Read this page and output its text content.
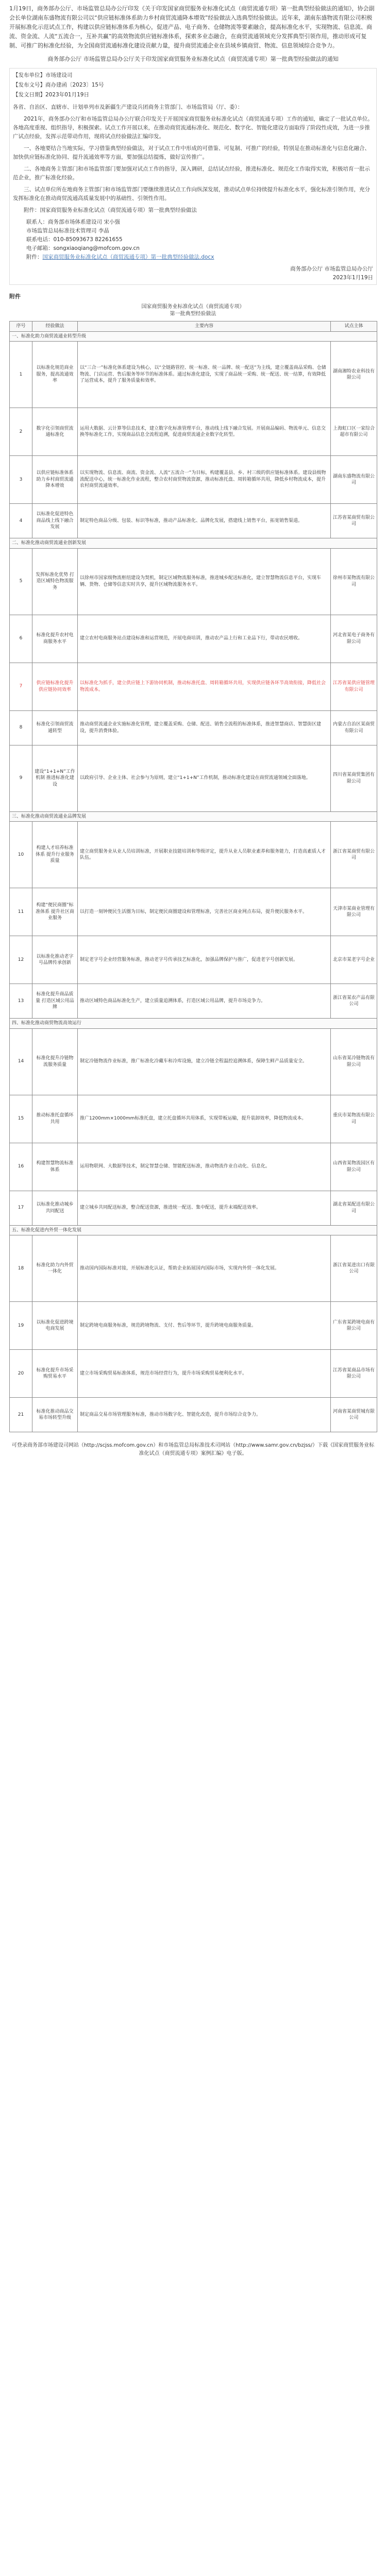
1月19日，商务部办公厅、市场监管总局办公厅印发《关于印发国家商贸服务业标准化试点（商贸流通专项）第一批典型经验做法的通知》，协会副会长单位湖南东盛物流有限公司以“供应链标准体系助力乡村商贸流通降本增效”经验做法入选典型经验做法。近年来，湖南东盛物流有限公司积极开展标准化示范试点工作，构建以供应链标准体系为核心，促进产品、电子商务、仓储物流等要素融合，提高标准化水平，实现物流、信息流、商流、资金流、人流“五流合一，互补共赢”的高效物流供应链标准体系，探索多业态融合，在商贸流通领域充分发挥典型引领作用，推动形成可复制、可推广的标准化经验，为全国商贸流通标准化建设贡献力量，提升商贸流通企业在县域乡镇商贸、物流、信息领域综合竞争力。

商务部办公厅 市场监管总局办公厅关于印发国家商贸服务业标准化试点（商贸流通专项）第一批典型经验做法的通知

【发布单位】市场建设司
【发布文号】商办建函〔2023〕15号
【发文日期】2023年01月19日
各省、自治区、直辖市、计划单列市及新疆生产建设兵团商务主管部门、市场监管局（厅、委）：

2021年，商务部办公厅和市场监管总局办公厅联合印发关于开展国家商贸服务业标准化试点（商贸流通专项）工作的通知，确定了一批试点单位。各地高度重视、组织指导，积极探索。试点工作开展以来，在推动商贸流通标准化、规范化、数字化、智能化建设方面取得了阶段性成效，为进一步推广试点经验，发挥示范带动作用，现将试点经验做法汇编印发。

一、各地要结合当地实际，学习借鉴典型经验做法，对于试点工作中形成的可借鉴、可复制、可推广的经验，特别是在推动标准化与信息化融合、加快供应链标准化协同、提升流通效率等方面，要加强总结提炼，做好宣传推广。

二、各地商务主管部门和市场监管部门要加强对试点工作的指导，深入调研，总结试点经验，推进标准化、规范化工作取得实效，积极培育一批示范企业，推广标准化经验。

三、试点单位所在地商务主管部门和市场监管部门要继续推进试点工作向纵深发展，推动试点单位持续提升标准化水平，强化标准引领作用，充分发挥标准化在推动商贸流通高质量发展中的基础性、引领性作用。

附件：国家商贸服务业标准化试点（商贸流通专项）第一批典型经验做法

联系人：商务部市场体系建设司 宋小强
市场监管总局标准技术管理司 李晶
联系电话：010-85093673 82261655
电子邮箱：songxiaoqiang@mofcom.gov.cn
附件：国家商贸服务业标准化试点（商贸流通专项）第一批典型经验做法.docx
商务部办公厅 市场监管总局办公厅
2023年1月19日
附件
国家商贸服务业标准化试点（商贸流通专项）
第一批典型经验做法
序号	经验做法	主要内容	试点主体
一、标准化助力商贸流通业转型升级			
1	以标准化规范商业服务，提高流通效率	以“三合一”标准化体系建设为核心，以“全链路管控、统一标准、统一品牌、统一配送”为主线，建立覆盖商品采购、仓储物流、门店运营、售后服务等环节的标准体系。通过标准化建设，实现了商品统一采购、统一配送、统一结算，有效降低了运营成本，提升了服务质量和效率。	湖南湘特农业科技有限公司
2	数字化引领商贸流通标准化	运用大数据、云计算等信息技术，建立数字化标准管理平台，推动线上线下融合发展。开展商品编码、物流单元、信息交换等标准化工作，实现商品信息全流程追溯，促进商贸流通企业数字化转型。	上海虹口区一家综合超市有限公司
3	以供应链标准体系助力乡村商贸流通降本增效	以实现物流、信息流、商流、资金流、人流“五流合一”为目标，构建覆盖县、乡、村三级的供应链标准体系。建设县级物流配送中心，统一标准化作业流程，整合农村商贸物流资源，推动标准托盘、周转箱循环共用，降低乡村物流成本，提升农村商贸流通效率。	湖南东盛物流有限公司
4	以标准化促进特色商品线上线下融合发展	制定特色商品分级、包装、标识等标准，推动产品标准化、品牌化发展，搭建线上销售平台，拓宽销售渠道。	江苏省某商贸有限公司
二、标准化推动商贸流通业创新发展			
5	发挥标准化优势 打造区域特色物流服务	以徐州市国家级物流枢纽建设为契机，制定区域物流服务标准，推进城乡配送标准化，建立智慧物流信息平台，实现车辆、货物、仓储等信息实时共享，提升区域物流服务水平。	徐州市某物流有限公司
6	标准化提升农村电商服务水平	建立农村电商服务站点建设标准和运营规范，开展电商培训，推动农产品上行和工业品下行，带动农民增收。	河北省某电子商务有限公司
7	供应链标准化提升供应链协同效率	以标准化为抓手，建立供应链上下游协同机制，推动标准托盘、周转箱循环共用，实现供应链各环节高效衔接，降低社会物流成本。	江苏省某供应链管理有限公司
8	标准化引领商贸流通转型	推动商贸流通企业实施标准化管理，建立覆盖采购、仓储、配送、销售全流程的标准体系，推进智慧商店、智慧街区建设，提升消费体验。	内蒙古自治区某商贸有限公司
9	建设“1+1+N”工作机制 推进标准化建设	以政府引导、企业主体、社会参与为原则，建立“1+1+N”工作机制，推动标准化建设在商贸流通领域全面落地。	四川省某商贸集团有限公司
三、标准化推动商贸流通业品牌发展			
10	构建人才培养标准体系 提升行业服务质量	建立商贸服务业从业人员培训标准，开展职业技能培训和等级评定，提升从业人员职业素养和服务能力，打造高素质人才队伍。	浙江省某商贸有限公司
11	构建“便民商圈”标准体系 提升社区商业服务	以打造一刻钟便民生活圈为目标，制定便民商圈建设和管理标准，完善社区商业网点布局，提升便民服务水平。	天津市某商业管理有限公司
12	以标准化推动老字号品牌传承创新	制定老字号企业经营服务标准，推动老字号传承技艺标准化，加强品牌保护与推广，促进老字号创新发展。	北京市某老字号企业
13	标准化提升商品质量 打造区域公用品牌	推动区域特色商品标准化生产，建立质量追溯体系，打造区域公用品牌，提升市场竞争力。	浙江省某农产品有限公司
四、标准化推动商贸物流高效运行			
14	标准化提升冷链物流服务质量	制定冷链物流作业标准，推广标准化冷藏车和冷库设施，建立冷链全程温控追溯体系，保障生鲜产品质量安全。	山东省某冷链物流有限公司
15	推动标准托盘循环共用	推广1200mm×1000mm标准托盘，建立托盘循环共用体系，实现带板运输，提升装卸效率，降低物流成本。	重庆市某物流有限公司
16	构建智慧物流标准体系	运用物联网、大数据等技术，制定智慧仓储、智能配送标准，推动物流作业自动化、信息化。	山西省某物流园区有限公司
17	以标准化推动城乡共同配送	建立城乡共同配送标准，整合配送资源，推进统一配送、集中配送，提升末端配送效率。	湖北省某配送有限公司
五、标准化促进内外贸一体化发展			
18	标准化助力内外贸一体化	推动国内国际标准对接，开展标准化认证，帮助企业拓展国内国际市场，实现内外贸一体化发展。	浙江省某进出口有限公司
19	以标准化促进跨境电商发展	制定跨境电商服务标准，规范跨境物流、支付、售后等环节，提升跨境电商服务质量。	广东省某跨境电商有限公司
20	标准化提升市场采购贸易水平	建立市场采购贸易标准体系，规范市场经营行为，提升市场采购贸易便利化水平。	江苏省某商品市场有限公司
21	标准化推动商品交易市场转型升级	制定商品交易市场管理服务标准，推动市场数字化、智能化改造，提升市场综合竞争力。	河南省某商贸城有限公司
可登录商务部市场建设司网站（http://scjss.mofcom.gov.cn）和市场监管总局标准技术司网站（http://www.samr.gov.cn/bzjss/）下载《国家商贸服务业标准化试点（商贸流通专项）案例汇编》电子版。
